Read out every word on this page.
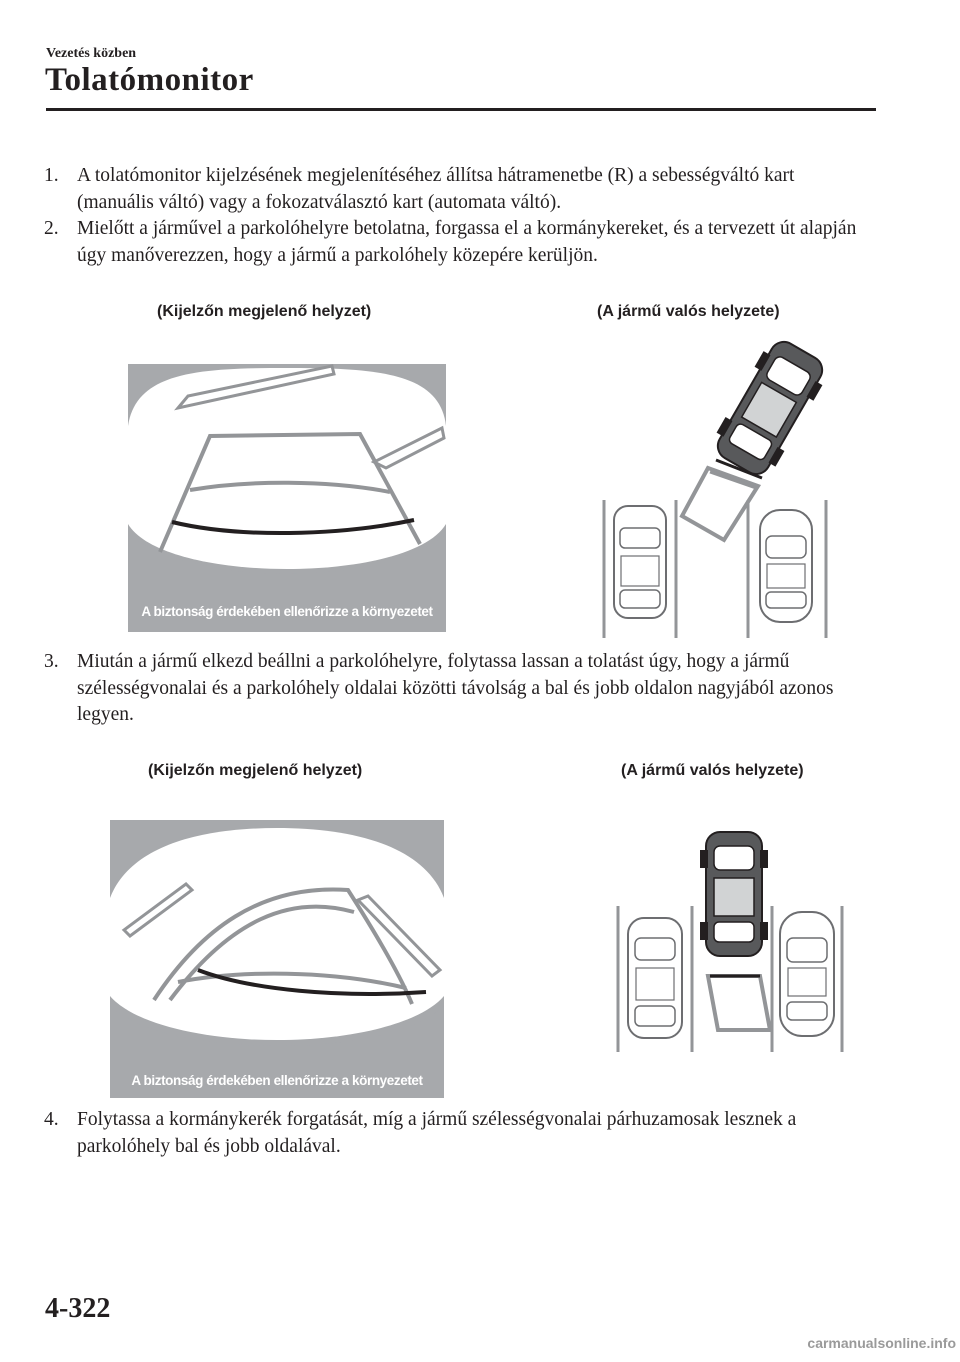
Vezetés közben
Tolatómonitor
1. A tolatómonitor kijelzésének megjelenítéséhez állítsa hátramenetbe (R) a sebességváltó kart (manuális váltó) vagy a fokozatválasztó kart (automata váltó).
2. Mielőtt a járművel a parkolóhelyre betolatna, forgassa el a kormánykereket, és a tervezett út alapján úgy manőverezzen, hogy a jármű a parkolóhely közepére kerüljön.
(Kijelzőn megjelenő helyzet)	(A jármű valós helyzete)
A biztonság érdekében ellenőrizze a környezetet
3. Miután a jármű elkezd beállni a parkolóhelyre, folytassa lassan a tolatást úgy, hogy a jármű szélességvonalai és a parkolóhely oldalai közötti távolság a bal és jobb oldalon nagyjából azonos legyen.
(Kijelzőn megjelenő helyzet)	(A jármű valós helyzete)
A biztonság érdekében ellenőrizze a környezetet
4. Folytassa a kormánykerék forgatását, míg a jármű szélességvonalai párhuzamosak lesznek a parkolóhely bal és jobb oldalával.
4-322
carmanualsonline.info
